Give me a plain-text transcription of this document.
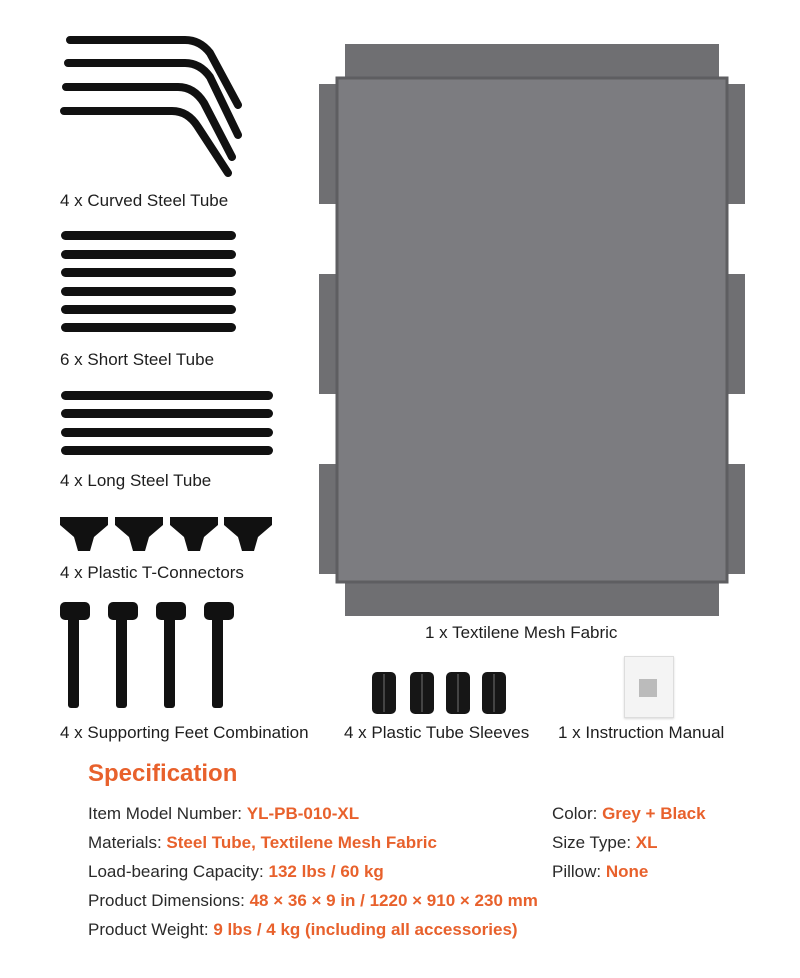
4 x Curved Steel Tube
6 x Short Steel Tube
4 x Long Steel Tube
4 x Plastic T-Connectors
4 x Supporting Feet Combination 4 x Plastic Tube Sleeves 1 x Instruction Manual
1 x Textilene Mesh Fabric
Specification
Item Model Number: YL-PB-010-XL
Materials: Steel Tube, Textilene Mesh Fabric
Load-bearing Capacity: 132 lbs / 60 kg
Product Dimensions: 48 × 36 × 9 in / 1220 × 910 × 230 mm
Product Weight: 9 lbs / 4 kg (including all accessories)
Color: Grey + Black
Size Type: XL
Pillow: None
